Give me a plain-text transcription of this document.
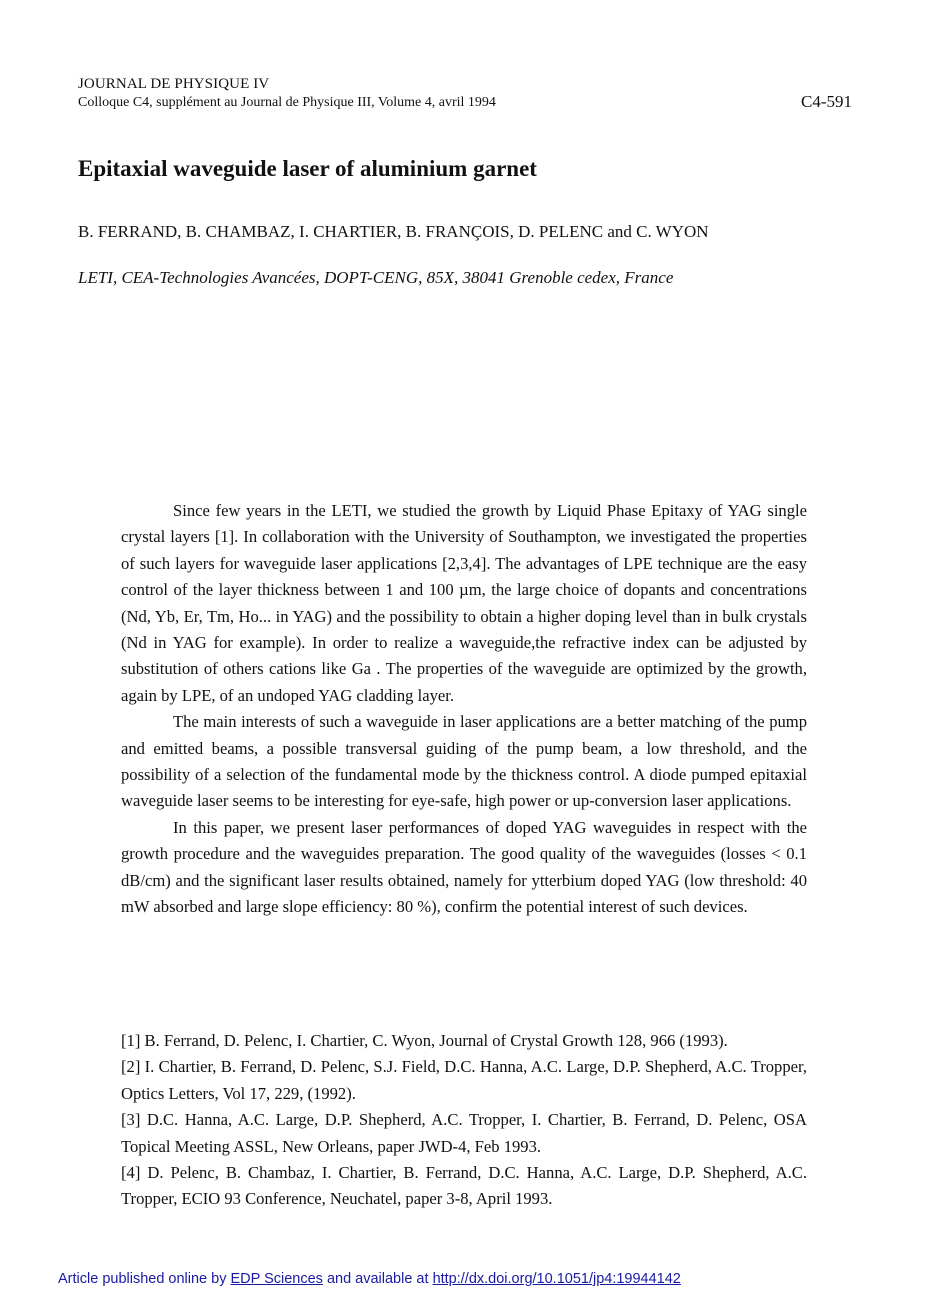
JOURNAL DE PHYSIQUE IV
Colloque C4, supplément au Journal de Physique III, Volume 4, avril 1994	C4-591
Epitaxial waveguide laser of aluminium garnet
B. FERRAND, B. CHAMBAZ, I. CHARTIER, B. FRANÇOIS, D. PELENC and C. WYON
LETI, CEA-Technologies Avancées, DOPT-CENG, 85X, 38041 Grenoble cedex, France

Since few years in the LETI, we studied the growth by Liquid Phase Epitaxy of YAG single crystal layers [1]. In collaboration with the University of Southampton, we investigated the properties of such layers for waveguide laser applications [2,3,4]. The advantages of LPE technique are the easy control of the layer thickness between 1 and 100 µm, the large choice of dopants and concentrations (Nd, Yb, Er, Tm, Ho... in YAG) and the possibility to obtain a higher doping level than in bulk crystals (Nd in YAG for example). In order to realize a waveguide,the refractive index can be adjusted by substitution of others cations like Ga . The properties of the waveguide are optimized by the growth, again by LPE, of an undoped YAG cladding layer.

The main interests of such a waveguide in laser applications are a better matching of the pump and emitted beams, a possible transversal guiding of the pump beam, a low threshold, and the possibility of a selection of the fundamental mode by the thickness control. A diode pumped epitaxial waveguide laser seems to be interesting for eye-safe, high power or up-conversion laser applications.

In this paper, we present laser performances of doped YAG waveguides in respect with the growth procedure and the waveguides preparation. The good quality of the waveguides (losses < 0.1 dB/cm) and the significant laser results obtained, namely for ytterbium doped YAG (low threshold: 40 mW absorbed and large slope efficiency: 80 %), confirm the potential interest of such devices.

[1] B. Ferrand, D. Pelenc, I. Chartier, C. Wyon, Journal of Crystal Growth 128, 966 (1993).

[2] I. Chartier, B. Ferrand, D. Pelenc, S.J. Field, D.C. Hanna, A.C. Large, D.P. Shepherd, A.C. Tropper, Optics Letters, Vol 17, 229, (1992).

[3] D.C. Hanna, A.C. Large, D.P. Shepherd, A.C. Tropper, I. Chartier, B. Ferrand, D. Pelenc, OSA Topical Meeting ASSL, New Orleans, paper JWD-4, Feb 1993.

[4] D. Pelenc, B. Chambaz, I. Chartier, B. Ferrand, D.C. Hanna, A.C. Large, D.P. Shepherd, A.C. Tropper, ECIO 93 Conference, Neuchatel, paper 3-8, April 1993.

Article published online by EDP Sciences and available at http://dx.doi.org/10.1051/jp4:19944142
